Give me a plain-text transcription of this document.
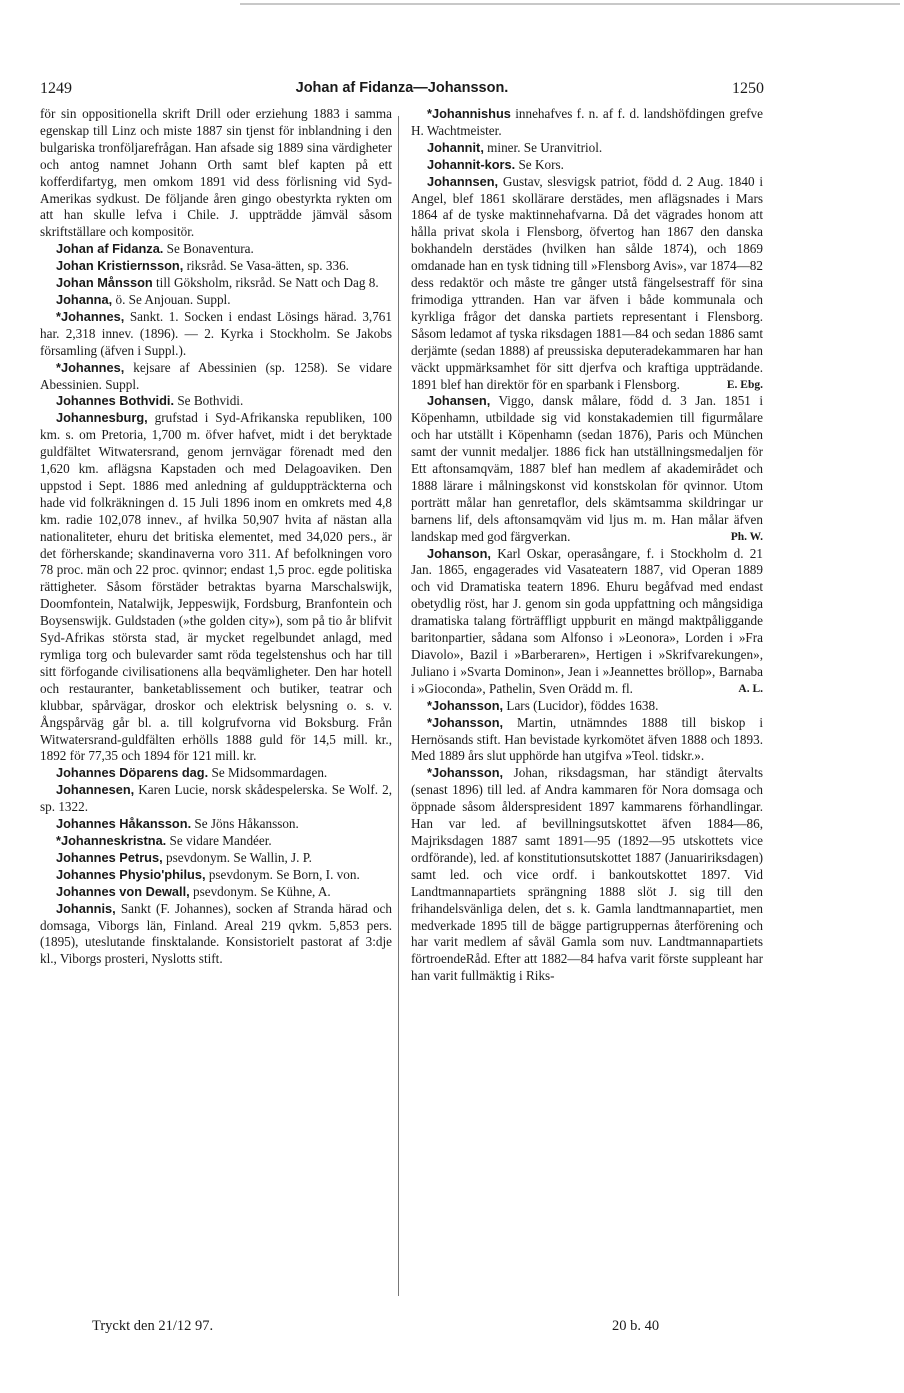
1249	Johan af Fidanza—Johansson.	1250

för sin oppositionella skrift Drill oder erziehung 1883 i samma egenskap till Linz och miste 1887 sin tjenst för inblandning i den bulgariska tronföljarefrågan. Han afsade sig 1889 sina värdigheter och antog namnet Johann Orth samt blef kapten på ett kofferdifartyg, men omkom 1891 vid dess förlisning vid Syd-Amerikas sydkust. De följande åren gingo obestyrkta rykten om att han skulle lefva i Chile. J. uppträdde jämväl såsom skriftställare och kompositör.

Johan af Fidanza. Se Bonaventura.

Johan Kristiernsson, riksråd. Se Vasa-ätten, sp. 336.

Johan Månsson till Göksholm, riksråd. Se Natt och Dag 8.

Johanna, ö. Se Anjouan. Suppl.

*Johannes, Sankt. 1. Socken i endast Lösings härad. 3,761 har. 2,318 innev. (1896). — 2. Kyrka i Stockholm. Se Jakobs församling (äfven i Suppl.).

*Johannes, kejsare af Abessinien (sp. 1258). Se vidare Abessinien. Suppl.

Johannes Bothvidi. Se Bothvidi.

Johannesburg, grufstad i Syd-Afrikanska republiken, 100 km. s. om Pretoria, 1,700 m. öfver hafvet, midt i det beryktade guldfältet Witwatersrand, genom jernvägar förenadt med den 1,620 km. aflägsna Kapstaden och med Delagoaviken. Den uppstod i Sept. 1886 med anledning af gulduppträckterna och hade vid folkräkningen d. 15 Juli 1896 inom en omkrets med 4,8 km. radie 102,078 innev., af hvilka 50,907 hvita af nästan alla nationaliteter, ehuru det britiska elementet, med 34,020 pers., är det förherskande; skandinaverna voro 311. Af befolkningen voro 78 proc. män och 22 proc. qvinnor; endast 1,5 proc. egde politiska rättigheter. Såsom förstäder betraktas byarna Marschalswijk, Doomfontein, Natalwijk, Jeppeswijk, Fordsburg, Branfontein och Boysenswijk. Guldstaden (»the golden city»), som på tio år blifvit Syd-Afrikas största stad, är mycket regelbundet anlagd, med rymliga torg och bulevarder samt röda tegelstenshus och har till sitt förfogande civilisationens alla beqvämligheter. Den har hotell och restauranter, banketablissement och butiker, teatrar och klubbar, spårvägar, droskor och elektrisk belysning o. s. v. Ångspårväg går bl. a. till kolgrufvorna vid Boksburg. Från Witwatersrand-guldfälten erhölls 1888 guld för 14,5 mill. kr., 1892 för 77,35 och 1894 för 121 mill. kr.

Johannes Döparens dag. Se Midsommardagen.

Johannesen, Karen Lucie, norsk skådespelerska. Se Wolf. 2, sp. 1322.

Johannes Håkansson. Se Jöns Håkansson.

*Johanneskristna. Se vidare Mandéer.

Johannes Petrus, psevdonym. Se Wallin, J. P.

Johannes Physio'philus, psevdonym. Se Born, I. von.

Johannes von Dewall, psevdonym. Se Kühne, A.

Johannis, Sankt (F. Johannes), socken af Stranda härad och domsaga, Viborgs län, Finland. Areal 219 qvkm. 5,853 pers. (1895), uteslutande finsktalande. Konsistorielt pastorat af 3:dje kl., Viborgs prosteri, Nyslotts stift.

*Johannishus innehafves f. n. af f. d. landshöfdingen grefve H. Wachtmeister.

Johannit, miner. Se Uranvitriol.

Johannit-kors. Se Kors.

Johannsen, Gustav, slesvigsk patriot, född d. 2 Aug. 1840 i Angel, blef 1861 skollärare derstädes, men aflägsnades i Mars 1864 af de tyske maktinnehafvarna. Då det vägrades honom att hålla privat skola i Flensborg, öfvertog han 1867 den danska bokhandeln derstädes (hvilken han sålde 1874), och 1869 omdanade han en tysk tidning till »Flensborg Avis», var 1874—82 dess redaktör och måste tre gånger utstå fängelsestraff för sina frimodiga yttranden. Han var äfven i både kommunala och kyrkliga frågor det danska partiets representant i Flensborg. Såsom ledamot af tyska riksdagen 1881—84 och sedan 1886 samt derjämte (sedan 1888) af preussiska deputeradekammaren har han väckt uppmärksamhet för sitt djerfva och kraftiga uppträdande. 1891 blef han direktör för en sparbank i Flensborg.	E. Ebg.

Johansen, Viggo, dansk målare, född d. 3 Jan. 1851 i Köpenhamn, utbildade sig vid konstakademien till figurmålare och har utställt i Köpenhamn (sedan 1876), Paris och München samt der vunnit medaljer. 1886 fick han utställningsmedaljen för Ett aftonsamqväm, 1887 blef han medlem af akademirådet och 1888 lärare i målningskonst vid konstskolan för qvinnor. Utom porträtt målar han genretaflor, dels skämtsamma skildringar ur barnens lif, dels aftonsamqväm vid ljus m. m. Han målar äfven landskap med god färgverkan.	Ph. W.

Johanson, Karl Oskar, operasångare, f. i Stockholm d. 21 Jan. 1865, engagerades vid Vasateatern 1887, vid Operan 1889 och vid Dramatiska teatern 1896. Ehuru begåfvad med endast obetydlig röst, har J. genom sin goda uppfattning och mångsidiga dramatiska talang förträffligt uppburit en mängd maktpåliggande baritonpartier, sådana som Alfonso i »Leonora», Lorden i »Fra Diavolo», Bazil i »Barberaren», Hertigen i »Skrifvarekungen», Juliano i »Svarta Dominon», Jean i »Jeannettes bröllop», Barnaba i »Gioconda», Pathelin, Sven Orädd m. fl.	A. L.

*Johansson, Lars (Lucidor), föddes 1638.

*Johansson, Martin, utnämndes 1888 till biskop i Hernösands stift. Han bevistade kyrkomötet äfven 1888 och 1893. Med 1889 års slut upphörde han utgifva »Teol. tidskr.».

*Johansson, Johan, riksdagsman, har ständigt återvalts (senast 1896) till led. af Andra kammaren för Nora domsaga och öppnade såsom ålderspresident 1897 kammarens förhandlingar. Han var led. af bevillningsutskottet äfven 1884—86, Majriksdagen 1887 samt 1891—95 (1892—95 utskottets vice ordförande), led. af konstitutionsutskottet 1887 (Januaririksdagen) samt led. och vice ordf. i bankoutskottet 1897. Vid Landtmannapartiets sprängning 1888 slöt J. sig till den frihandelsvänliga delen, det s. k. Gamla landtmannapartiet, men medverkade 1895 till de bägge partigruppernas återförening och har varit medlem af såväl Gamla som nuv. Landtmannapartiets förtroendeRåd. Efter att 1882—84 hafva varit förste suppleant har han varit fullmäktig i Riks-

Tryckt den 21/12 97.	20 b. 40
